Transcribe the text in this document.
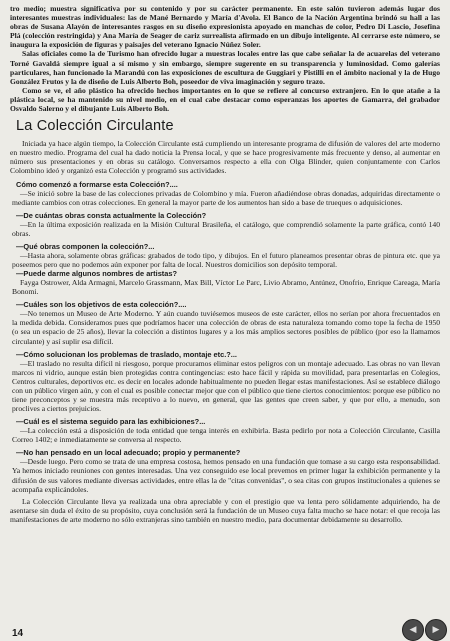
tro medio; muestra significativa por su contenido y por su carácter permanente. En este salón tuvieron además lugar dos interesantes muestras individuales: las de Mané Bernardo y María d'Avola. El Banco de la Nación Argentina brindó su hall a las obras de Susana Alayón de interesantes rasgos en su diseño expresionista apoyado en manchas de color, Pedro Di Lascio, Josefina Plá (colección restringida) y Ana María de Seager de cariz surrealista afirmado en un dibujo inteligente. Al cerrarse este número, se inaugura la exposición de figuras y paisajes del veterano Ignacio Núñez Soler.

Salas oficiales como la de Turismo han ofrecido lugar a muestras locales entre las que cabe señalar la de acuarelas del veterano Torné Gavaldá siempre igual a sí mismo y sin embargo, siempre sugerente en su transparencia y luminosidad. Como galerías particulares, han funcionado la Marandú con las exposiciones de escultura de Guggiari y Pistilli en el ámbito nacional y la de Hugo González Frutos y la de diseño de Luis Alberto Boh, poseedor de viva imaginación y seguro trazo.

Como se ve, el año plástico ha ofrecido hechos importantes en lo que se refiere al concurso extranjero. En lo que atañe a la plástica local, se ha mantenido su nivel medio, en el cual cabe destacar como esperanzas los aportes de Gamarra, del grabador Osvaldo Salerno y el dibujante Luis Alberto Boh.

La Colección Circulante

Iniciada ya hace algún tiempo, la Colección Circulante está cumpliendo un interesante programa de difusión de valores del arte moderno en nuestro medio. Programa del cual ha dado noticia la Prensa local, y que se hace progresivamente más frecuente y denso, al aumentar en número sus presentaciones y en obras su catálogo. Conversamos respecto a ella con Olga Blinder, quien conjuntamente con Carlos Colombino ideó y organizó esta Colección y programó sus actividades.

Cómo comenzó a formarse esta Colección?....

—Se inició sobre la base de las colecciones privadas de Colombino y mía. Fueron añadiéndose obras donadas, adquiridas directamente o mediante cambios con otras colecciones. En general la mayor parte de los aumentos han sido a base de trueques o adquisiciones.

—De cuántas obras consta actualmente la Colección?

—En la última exposición realizada en la Misión Cultural Brasileña, el catálogo, que comprendió solamente la parte gráfica, contó 140 obras.

—Qué obras componen la colección?...

—Hasta ahora, solamente obras gráficas: grabados de todo tipo, y dibujos. En el futuro planeamos presentar obras de pintura etc. que ya poseemos pero que no podemos aún exponer por falta de local. Nuestros domicilios son depósito temporal.

—Puede darme algunos nombres de artistas?

Fayga Ostrower, Alda Armagni, Marcelo Grassmann, Max Bill, Víctor Le Parc, Livio Abramo, Antúnez, Onofrio, Enrique Careaga, María Bonomi.

—Cuáles son los objetivos de esta colección?....

—No tenemos un Museo de Arte Moderno. Y aún cuando tuviésemos museos de este carácter, ellos no serían por ahora frecuentados en la medida debida. Consideramos pues que podríamos hacer una colección de obras de esta naturaleza tomando como tope la fecha de 1950 (o sea un espacio de 25 años), llevar la colección a distintos lugares y a los más amplios sectores posibles de público (por eso la llamamos circulante) y así suplir esa difícil.

—Cómo solucionan los problemas de traslado, montaje etc.?...

—El traslado no resulta difícil ni riesgoso, porque procuramos eliminar estos peligros con un montaje adecuado. Las obras no van llevan marcos ni vidrio, aunque están bien protegidas contra contingencias: esto hace fácil y rápida su movilidad, para presentarlas en Colegios, Centros culturales, deportivos etc. es decir en locales adonde habitualmente no pueden llegar estas manifestaciones. Así se establece diálogo con un público virgen aún, y con el cual es posible conectar mejor que con el público que tiene ciertos conocimientos: porque ese público no tiene preconceptos y se muestra más receptivo a lo nuevo, en general, que las gentes que creen saber, y que por ello, a menudo, son proclives a ciertos prejuicios.

—Cuál es el sistema seguido para las exhibiciones?...

—La colección está a disposición de toda entidad que tenga interés en exhibirla. Basta pedirlo por nota a Colección Circulante, Casilla Correo 1402; e inmediatamente se conversa al respecto.

—No han pensado en un local adecuado; propio y permanente?

—Desde luego. Pero como se trata de una empresa costosa, hemos pensado en una fundación que tomase a su cargo esta responsabilidad. Ya hemos iniciado reuniones con gentes interesadas. Una vez conseguido ese local prevemos en primer lugar la exhibición permanente y la difusión de sus valores mediante diversas actividades, entre ellas la de "citas convenidas", o sea citas con grupos institucionales a quienes se acompaña explicándoles.

La Colección Circulante lleva ya realizada una obra apreciable y con el prestigio que va lenta pero sólidamente adquiriendo, ha de asentarse sin duda el éxito de su propósito, cuya conclusión será la fundación de un Museo cuya falta mucho se hace notar: el que recoja las manifestaciones de arte moderno no sólo extranjeras sino también en nuestro medio, para documentar debidamente su desarrollo.

14	◀ ▶
